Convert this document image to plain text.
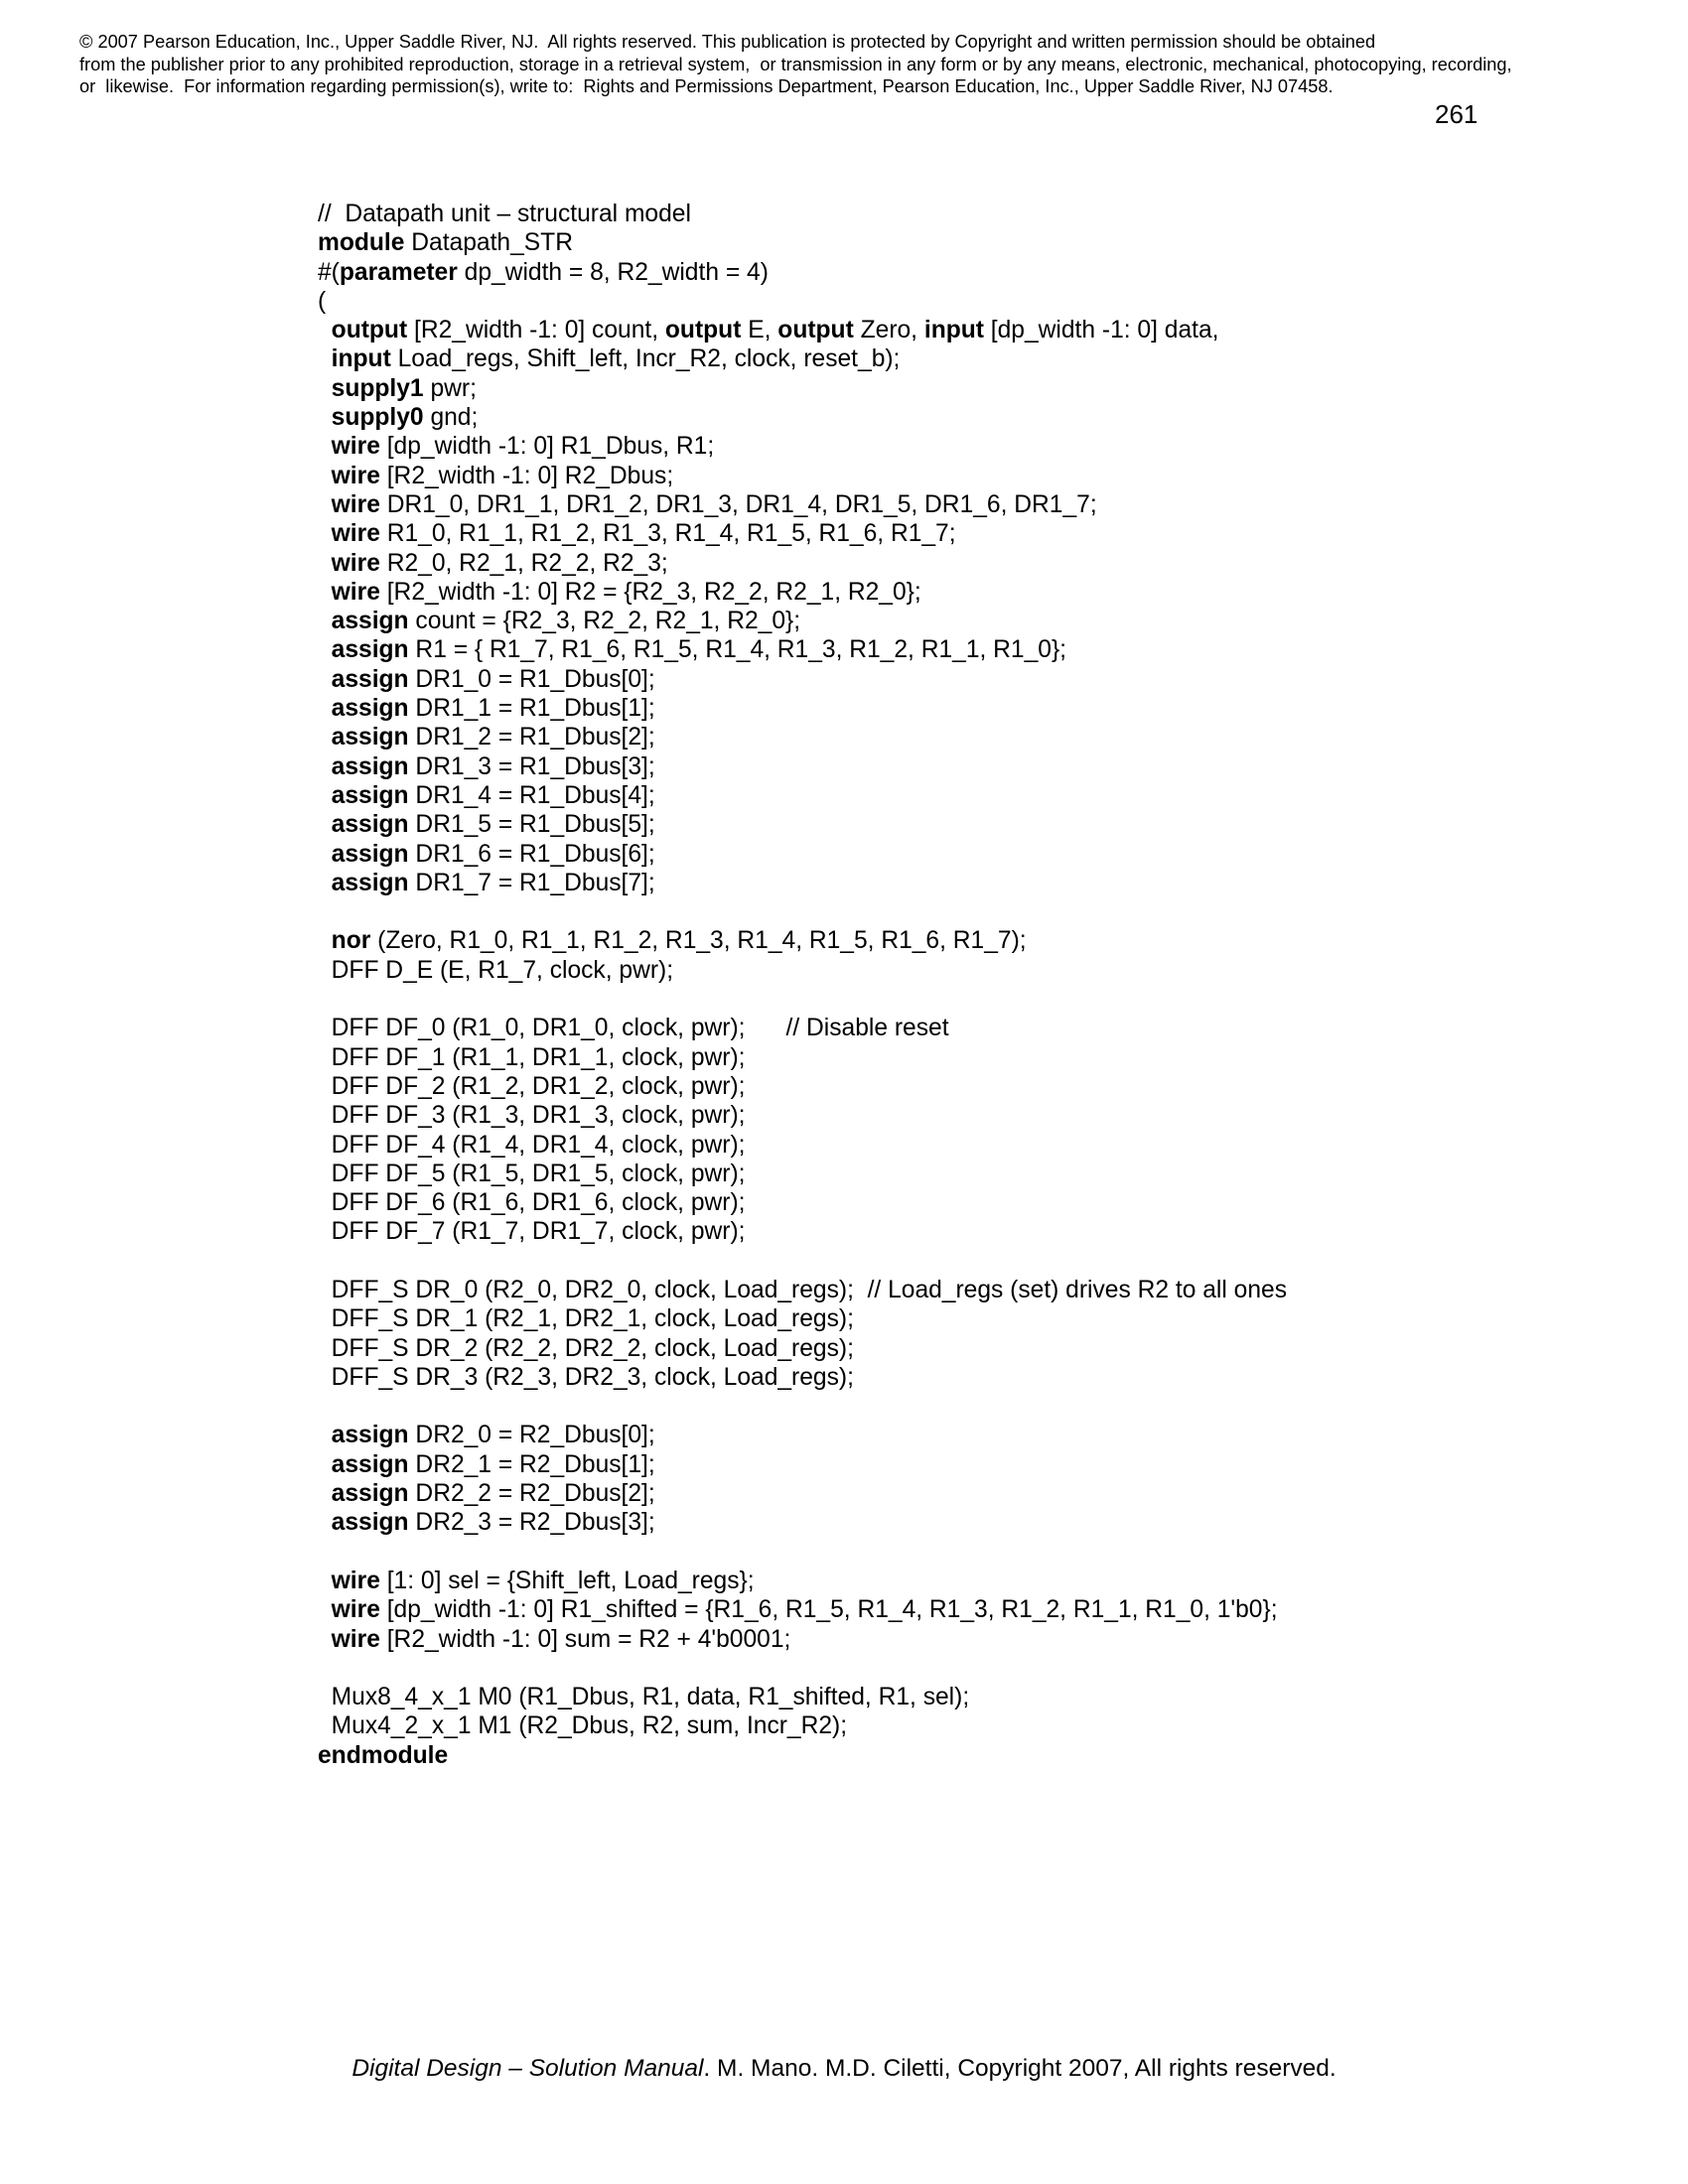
© 2007 Pearson Education, Inc., Upper Saddle River, NJ.  All rights reserved. This publication is protected by Copyright and written permission should be obtained
from the publisher prior to any prohibited reproduction, storage in a retrieval system,  or transmission in any form or by any means, electronic, mechanical, photocopying, recording,
or  likewise.  For information regarding permission(s), write to:  Rights and Permissions Department, Pearson Education, Inc., Upper Saddle River, NJ 07458.
261
//  Datapath unit – structural model
module Datapath_STR
#(parameter dp_width = 8, R2_width = 4)
(
output [R2_width -1: 0] count, output E, output Zero, input [dp_width -1: 0] data,
input Load_regs, Shift_left, Incr_R2, clock, reset_b);
supply1 pwr;
supply0 gnd;
wire [dp_width -1: 0] R1_Dbus, R1;
wire [R2_width -1: 0] R2_Dbus;
wire DR1_0, DR1_1, DR1_2, DR1_3, DR1_4, DR1_5, DR1_6, DR1_7;
wire R1_0, R1_1, R1_2, R1_3, R1_4, R1_5, R1_6, R1_7;
wire R2_0, R2_1, R2_2, R2_3;
wire [R2_width -1: 0] R2 = {R2_3, R2_2, R2_1, R2_0};
assign count = {R2_3, R2_2, R2_1, R2_0};
assign R1 = { R1_7, R1_6, R1_5, R1_4, R1_3, R1_2, R1_1, R1_0};
assign DR1_0 = R1_Dbus[0];
assign DR1_1 = R1_Dbus[1];
assign DR1_2 = R1_Dbus[2];
assign DR1_3 = R1_Dbus[3];
assign DR1_4 = R1_Dbus[4];
assign DR1_5 = R1_Dbus[5];
assign DR1_6 = R1_Dbus[6];
assign DR1_7 = R1_Dbus[7];
nor (Zero, R1_0, R1_1, R1_2, R1_3, R1_4, R1_5, R1_6, R1_7);
DFF D_E (E, R1_7, clock, pwr);
DFF DF_0 (R1_0, DR1_0, clock, pwr);      // Disable reset
DFF DF_1 (R1_1, DR1_1, clock, pwr);
DFF DF_2 (R1_2, DR1_2, clock, pwr);
DFF DF_3 (R1_3, DR1_3, clock, pwr);
DFF DF_4 (R1_4, DR1_4, clock, pwr);
DFF DF_5 (R1_5, DR1_5, clock, pwr);
DFF DF_6 (R1_6, DR1_6, clock, pwr);
DFF DF_7 (R1_7, DR1_7, clock, pwr);
DFF_S DR_0 (R2_0, DR2_0, clock, Load_regs);  // Load_regs (set) drives R2 to all ones
DFF_S DR_1 (R2_1, DR2_1, clock, Load_regs);
DFF_S DR_2 (R2_2, DR2_2, clock, Load_regs);
DFF_S DR_3 (R2_3, DR2_3, clock, Load_regs);
assign DR2_0 = R2_Dbus[0];
assign DR2_1 = R2_Dbus[1];
assign DR2_2 = R2_Dbus[2];
assign DR2_3 = R2_Dbus[3];
wire [1: 0] sel = {Shift_left, Load_regs};
wire [dp_width -1: 0] R1_shifted = {R1_6, R1_5, R1_4, R1_3, R1_2, R1_1, R1_0, 1'b0};
wire [R2_width -1: 0] sum = R2 + 4'b0001;
Mux8_4_x_1 M0 (R1_Dbus, R1, data, R1_shifted, R1, sel);
Mux4_2_x_1 M1 (R2_Dbus, R2, sum, Incr_R2);
endmodule
Digital Design – Solution Manual. M. Mano. M.D. Ciletti, Copyright 2007, All rights reserved.
